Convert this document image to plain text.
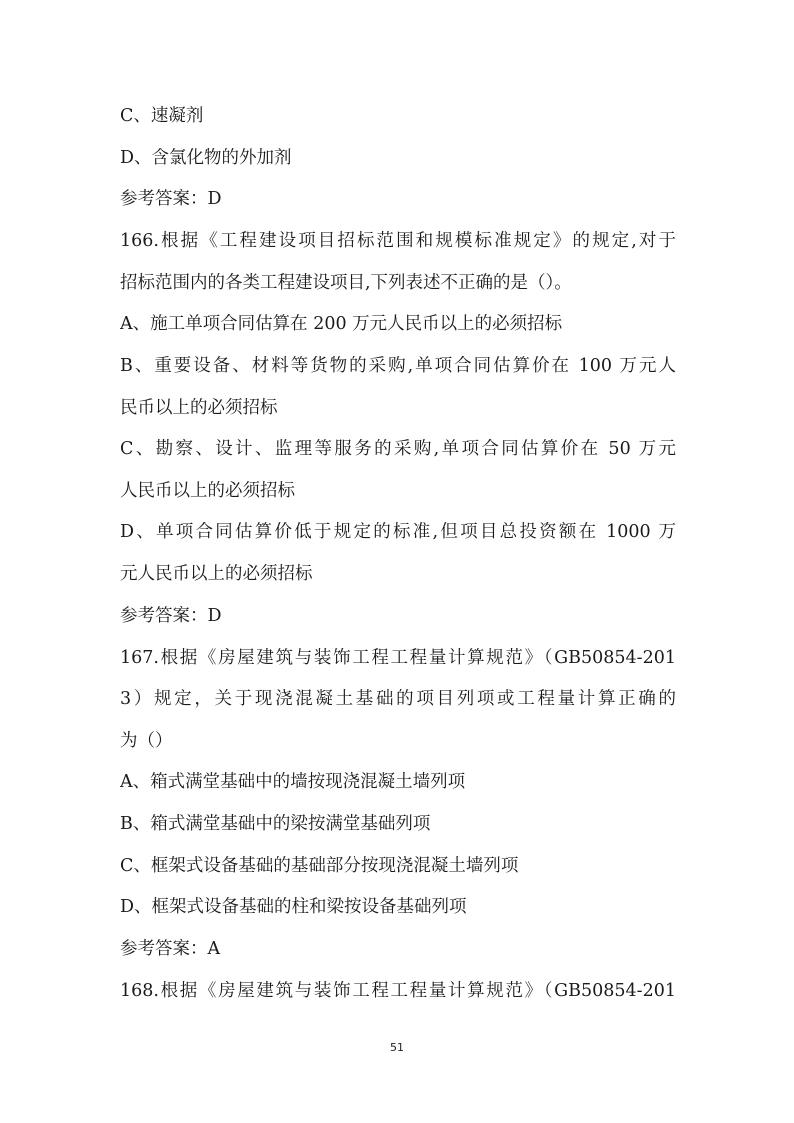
C、速凝剂
D、含氯化物的外加剂
参考答案：D
166.根据《工程建设项目招标范围和规模标准规定》的规定,对于
招标范围内的各类工程建设项目,下列表述不正确的是（）。
A、施工单项合同估算在 200 万元人民币以上的必须招标
B、重要设备、材料等货物的采购,单项合同估算价在 100 万元人
民币以上的必须招标
C、勘察、设计、监理等服务的采购,单项合同估算价在 50 万元
人民币以上的必须招标
D、单项合同估算价低于规定的标准,但项目总投资额在 1000 万
元人民币以上的必须招标
参考答案：D
167.根据《房屋建筑与装饰工程工程量计算规范》（GB50854-201
3）规定，关于现浇混凝土基础的项目列项或工程量计算正确的
为（）
A、箱式满堂基础中的墙按现浇混凝土墙列项
B、箱式满堂基础中的梁按满堂基础列项
C、框架式设备基础的基础部分按现浇混凝土墙列项
D、框架式设备基础的柱和梁按设备基础列项
参考答案：A
168.根据《房屋建筑与装饰工程工程量计算规范》（GB50854-201
51
